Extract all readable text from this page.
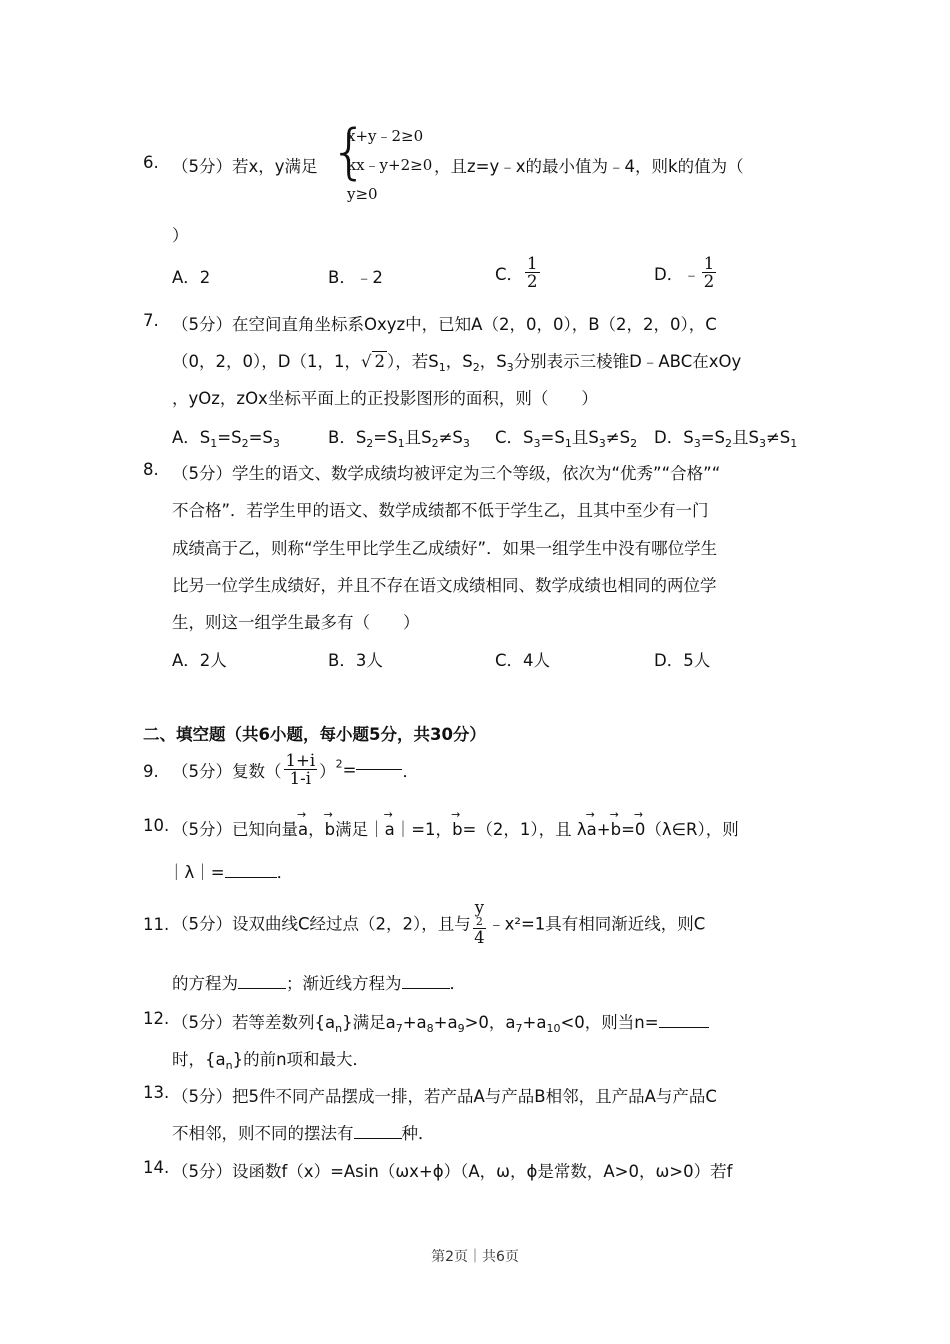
6. （5分）若x，y满足 {
x+y﹣2≥0
kx﹣y+2≥0
y≥0
，且z=y﹣x的最小值为﹣4，则k的值为（
）
A．2	B．﹣2	C． $\frac{1}{2}$	D．﹣ $\frac{1}{2}$
7. （5分）在空间直角坐标系Oxyz中，已知A（2，0，0），B（2，2，0），C
（0，2，0），D（1，1，√ 2 ），若$S_1$，$S_2$，$S_3$分别表示三棱锥D﹣ABC在xOy
，yOz，zOx坐标平面上的正投影图形的面积，则（　　）
A．$S_1=S_2=S_3$	B．$S_2=S_1$且$S_2\ne S_3$ C．$S_3=S_1$且$S_3\ne S_2$ D．$S_3=S_2$且$S_3\ne S_1$
8. （5分）学生的语文、数学成绩均被评定为三个等级，依次为“优秀”“合格”“
不合格”．若学生甲的语文、数学成绩都不低于学生乙，且其中至少有一门
成绩高于乙，则称“学生甲比学生乙成绩好”．如果一组学生中没有哪位学生
比另一位学生成绩好，并且不存在语文成绩相同、数学成绩也相同的两位学
生，则这一组学生最多有（　　）
A．2人	B．3人	C．4人	D．5人
二、填空题（共6小题，每小题5分，共30分）
9. （5分）复数（ $\frac{1+i}{1-i} )^2=$	．
10. （5分）已知向量→ a，→ b满足｜→ a｜=1，→ b=（2，1），且 λ→ a+→ b=→ 0（λ∈R），则
｜λ｜=	．
11. （5分）设双曲线C经过点（2，2），且与 y
2
4 ﹣x²=1具有相同渐近线，则C
的方程为	；渐近线方程为	．
12. （5分）若等差数列$\{a_n\}$满足$a_7+a_8+a_9>0$，$a_7+a_{10}<0$，则当n=
时，$\{a_n\}$的前n项和最大．
13. （5分）把5件不同产品摆成一排，若产品A与产品B相邻，且产品A与产品C
不相邻，则不同的摆法有	种．
14. （5分）设函数f（x）=Asin（ωx+ϕ）（A，ω，ϕ是常数，A>0，ω>0）若f
第2页｜共6页
